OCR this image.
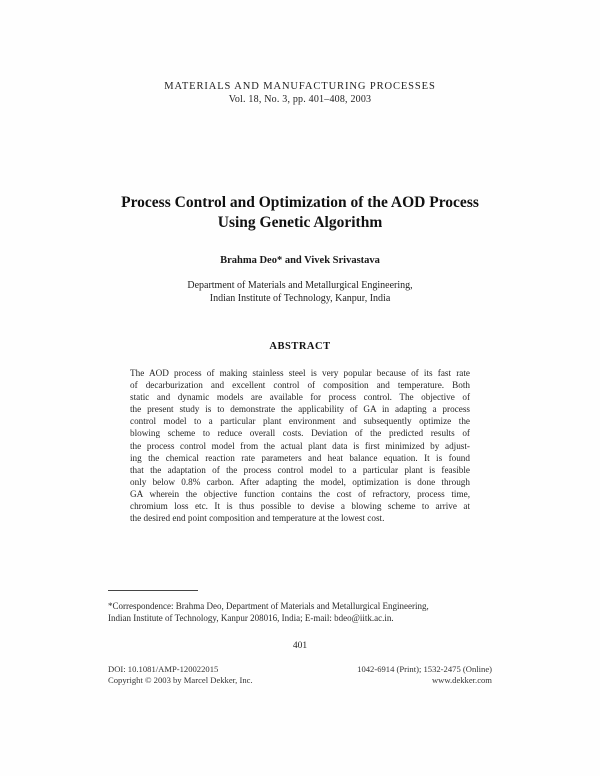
MATERIALS AND MANUFACTURING PROCESSES
Vol. 18, No. 3, pp. 401–408, 2003
Process Control and Optimization of the AOD Process
Using Genetic Algorithm
Brahma Deo* and Vivek Srivastava
Department of Materials and Metallurgical Engineering,
Indian Institute of Technology, Kanpur, India
ABSTRACT
The AOD process of making stainless steel is very popular because of its fast rate
of decarburization and excellent control of composition and temperature. Both
static and dynamic models are available for process control. The objective of
the present study is to demonstrate the applicability of GA in adapting a process
control model to a particular plant environment and subsequently optimize the
blowing scheme to reduce overall costs. Deviation of the predicted results of
the process control model from the actual plant data is first minimized by adjust-
ing the chemical reaction rate parameters and heat balance equation. It is found
that the adaptation of the process control model to a particular plant is feasible
only below 0.8% carbon. After adapting the model, optimization is done through
GA wherein the objective function contains the cost of refractory, process time,
chromium loss etc. It is thus possible to devise a blowing scheme to arrive at
the desired end point composition and temperature at the lowest cost.
*Correspondence: Brahma Deo, Department of Materials and Metallurgical Engineering,
Indian Institute of Technology, Kanpur 208016, India; E-mail: bdeo@iitk.ac.in.
401
DOI: 10.1081/AMP-120022015
Copyright © 2003 by Marcel Dekker, Inc.
1042-6914 (Print); 1532-2475 (Online)
www.dekker.com
